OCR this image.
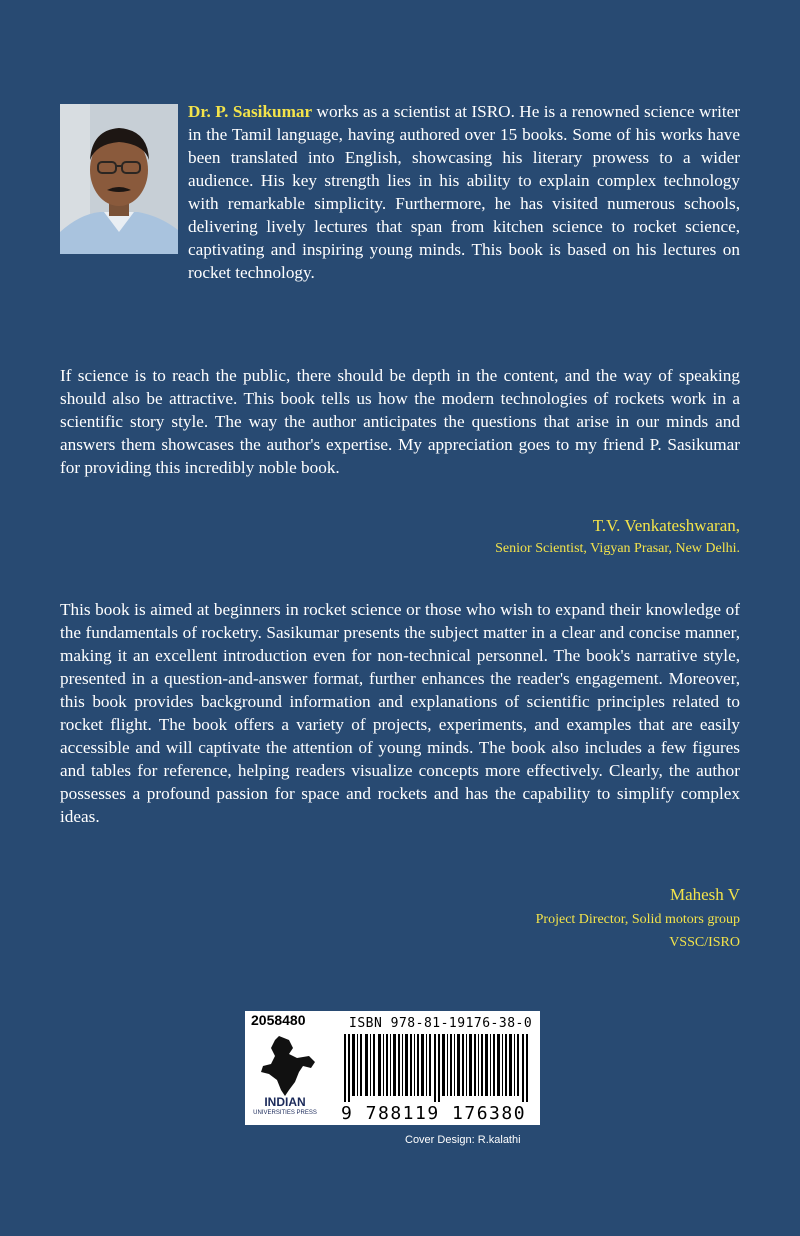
Dr. P. Sasikumar works as a scientist at ISRO. He is a renowned science writer in the Tamil language, having authored over 15 books. Some of his works have been translated into English, showcasing his literary prowess to a wider audience. His key strength lies in his ability to explain complex technology with remarkable simplicity. Furthermore, he has visited numerous schools, delivering lively lectures that span from kitchen science to rocket science, captivating and inspiring young minds. This book is based on his lectures on rocket technology.

If science is to reach the public, there should be depth in the content, and the way of speaking should also be attractive. This book tells us how the modern technologies of rockets work in a scientific story style. The way the author anticipates the questions that arise in our minds and answers them showcases the author's expertise. My appreciation goes to my friend P. Sasikumar for providing this incredibly noble book.

T.V. Venkateshwaran,

Senior Scientist, Vigyan Prasar, New Delhi.

This book is aimed at beginners in rocket science or those who wish to expand their knowledge of the fundamentals of rocketry. Sasikumar presents the subject matter in a clear and concise manner, making it an excellent introduction even for non-technical personnel. The book's narrative style, presented in a question-and-answer format, further enhances the reader's engagement. Moreover, this book provides background information and explanations of scientific principles related to rocket flight. The book offers a variety of projects, experiments, and examples that are easily accessible and will captivate the attention of young minds. The book also includes a few figures and tables for reference, helping readers visualize concepts more effectively. Clearly, the author possesses a profound passion for space and rockets and has the capability to simplify complex ideas.

Mahesh V

Project Director, Solid motors group

VSSC/ISRO

2058480	ISBN 978-81-19176-38-0
INDIAN
UNIVERSITIES PRESS 9 788119 176380
Cover Design: R.kalathi
